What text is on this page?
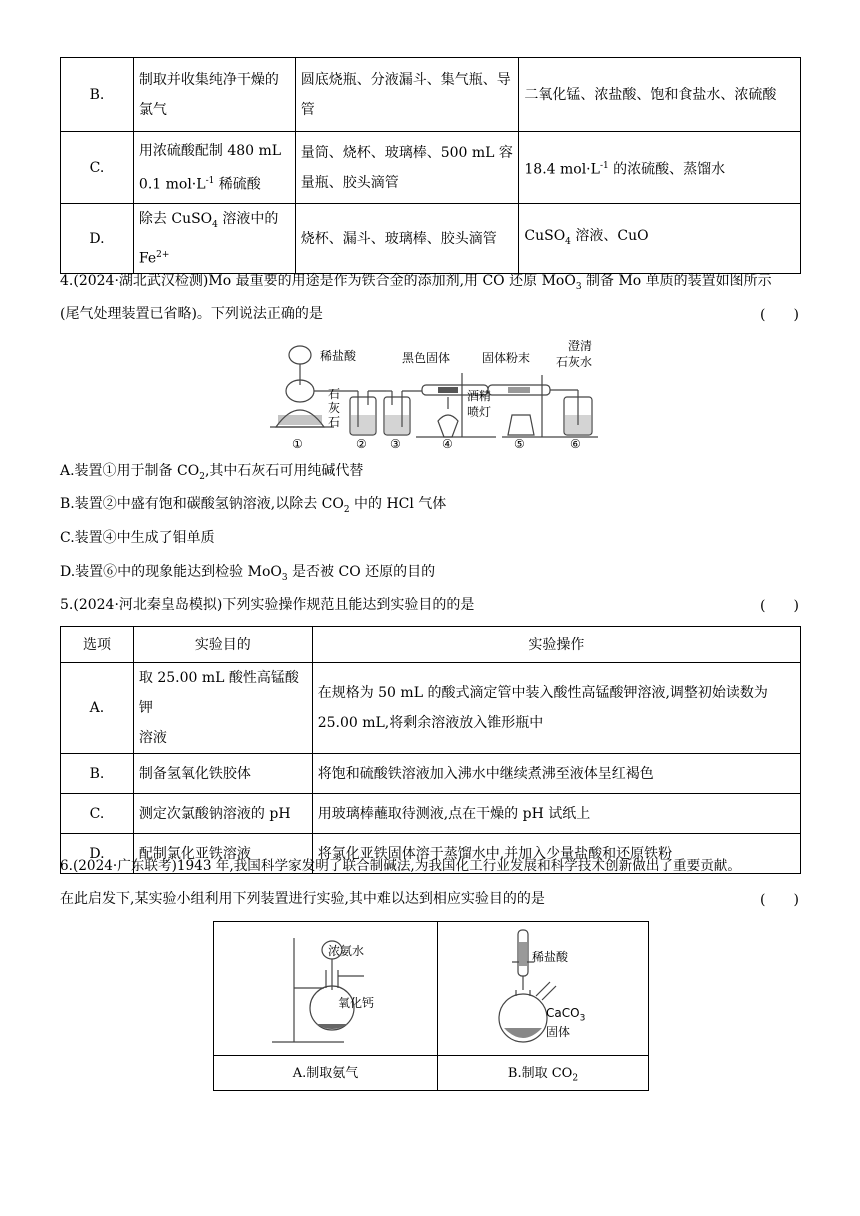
B.	制取并收集纯净干燥的氯气	圆底烧瓶、分液漏斗、集气瓶、导管	二氧化锰、浓盐酸、饱和食盐水、浓硫酸
C.	用浓硫酸配制 480 mL
0.1 $mol\cdot L^{-1}$ 稀硫酸	量筒、烧杯、玻璃棒、500 mL 容量瓶、胶头滴管	18.4 $mol\cdot L^{-1}$ 的浓硫酸、蒸馏水
D.	除去 CuSO$_4$ 溶液中的
$Fe^{2+}$	烧杯、漏斗、玻璃棒、胶头滴管	CuSO$_4$ 溶液、CuO
4.(2024·湖北武汉检测)Mo 最重要的用途是作为铁合金的添加剂,用 CO 还原 MoO$_3$ 制备 Mo 单质的装置如图所示
(尾气处理装置已省略)。下列说法正确的是	(　　)
稀盐酸
石
灰
石
黑色固体	固体粉末
澄清
石灰水
酒精
喷灯
①	② ③	④	⑤	⑥
A.装置①用于制备 $CO_2$,其中石灰石可用纯碱代替
B.装置②中盛有饱和碳酸氢钠溶液,以除去 $CO_2$ 中的 HCl 气体
C.装置④中生成了钼单质
D.装置⑥中的现象能达到检验 MoO$_3$ 是否被 CO 还原的目的
5.(2024·河北秦皇岛模拟)下列实验操作规范且能达到实验目的的是	(　　)
选项	实验目的	实验操作
A.	取 25.00 mL 酸性高锰酸钾
溶液	在规格为 50 mL 的酸式滴定管中装入酸性高锰酸钾溶液,调整初始读数为
25.00 mL,将剩余溶液放入锥形瓶中
B.	制备氢氧化铁胶体	将饱和硫酸铁溶液加入沸水中继续煮沸至液体呈红褐色
C.	测定次氯酸钠溶液的 pH	用玻璃棒蘸取待测液,点在干燥的 pH 试纸上
D.	配制氯化亚铁溶液	将氯化亚铁固体溶于蒸馏水中,并加入少量盐酸和还原铁粉
6.(2024·广东联考)1943 年,我国科学家发明了联合制碱法,为我国化工行业发展和科学技术创新做出了重要贡献。
在此启发下,某实验小组利用下列装置进行实验,其中难以达到相应实验目的的是	(　　)
浓氨水
氧化钙
A.制取氨气
稀盐酸
CaCO$_3$
固体
B.制取 $CO_2$
